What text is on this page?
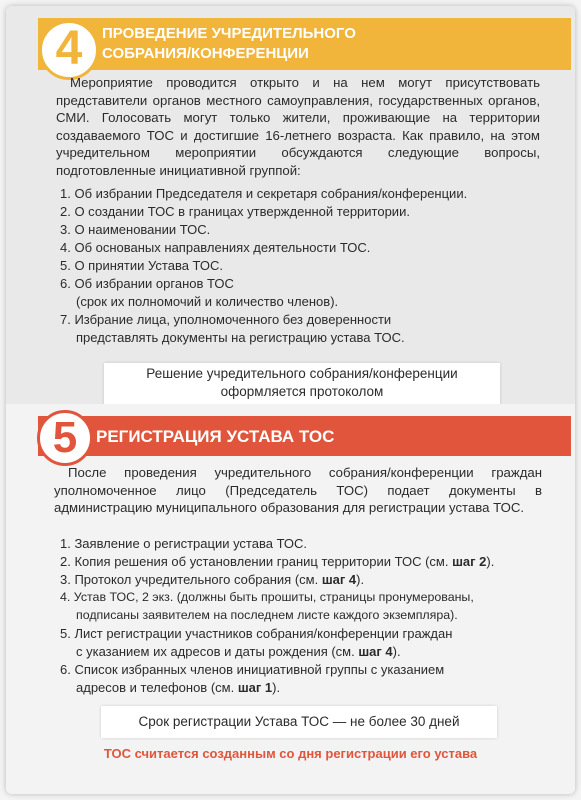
4	ПРОВЕДЕНИЕ УЧРЕДИТЕЛЬНОГО
СОБРАНИЯ/КОНФЕРЕНЦИИ
Мероприятие проводится открыто и на нем могут присутствовать представители органов местного самоуправления, государственных органов, СМИ. Голосовать могут только жители, проживающие на территории создаваемого ТОС и достигшие 16-летнего возраста. Как правило, на этом учредительном мероприятии обсуждаются следующие вопросы, подготовленные инициативной группой:
1. Об избрании Председателя и секретаря собрания/конференции.
2. О создании ТОС в границах утвержденной территории.
3. О наименовании ТОС.
4. Об основаных направлениях деятельности ТОС.
5. О принятии Устава ТОС.
6. Об избрании органов ТОС
(срок их полномочий и количество членов).
7. Избрание лица, уполномоченного без доверенности
представлять документы на регистрацию устава ТОС.
Решение учредительного собрания/конференции
оформляется протоколом
5	РЕГИСТРАЦИЯ УСТАВА ТОС
После проведения учредительного собрания/конференции граждан уполномоченное лицо (Председатель ТОС) подает документы в администрацию муниципального образования для регистрации устава ТОС.
1. Заявление о регистрации устава ТОС.
2. Копия решения об установлении границ территории ТОС (см. шаг 2).
3. Протокол учредительного собрания (см. шаг 4).
4. Устав ТОС, 2 экз. (должны быть прошиты, страницы пронумерованы,
подписаны заявителем на последнем листе каждого экземпляра).
5. Лист регистрации участников собрания/конференции граждан
с указанием их адресов и даты рождения (см. шаг 4).
6. Список избранных членов инициативной группы с указанием
адресов и телефонов (см. шаг 1).
Срок регистрации Устава ТОС — не более 30 дней
ТОС считается созданным со дня регистрации его устава
